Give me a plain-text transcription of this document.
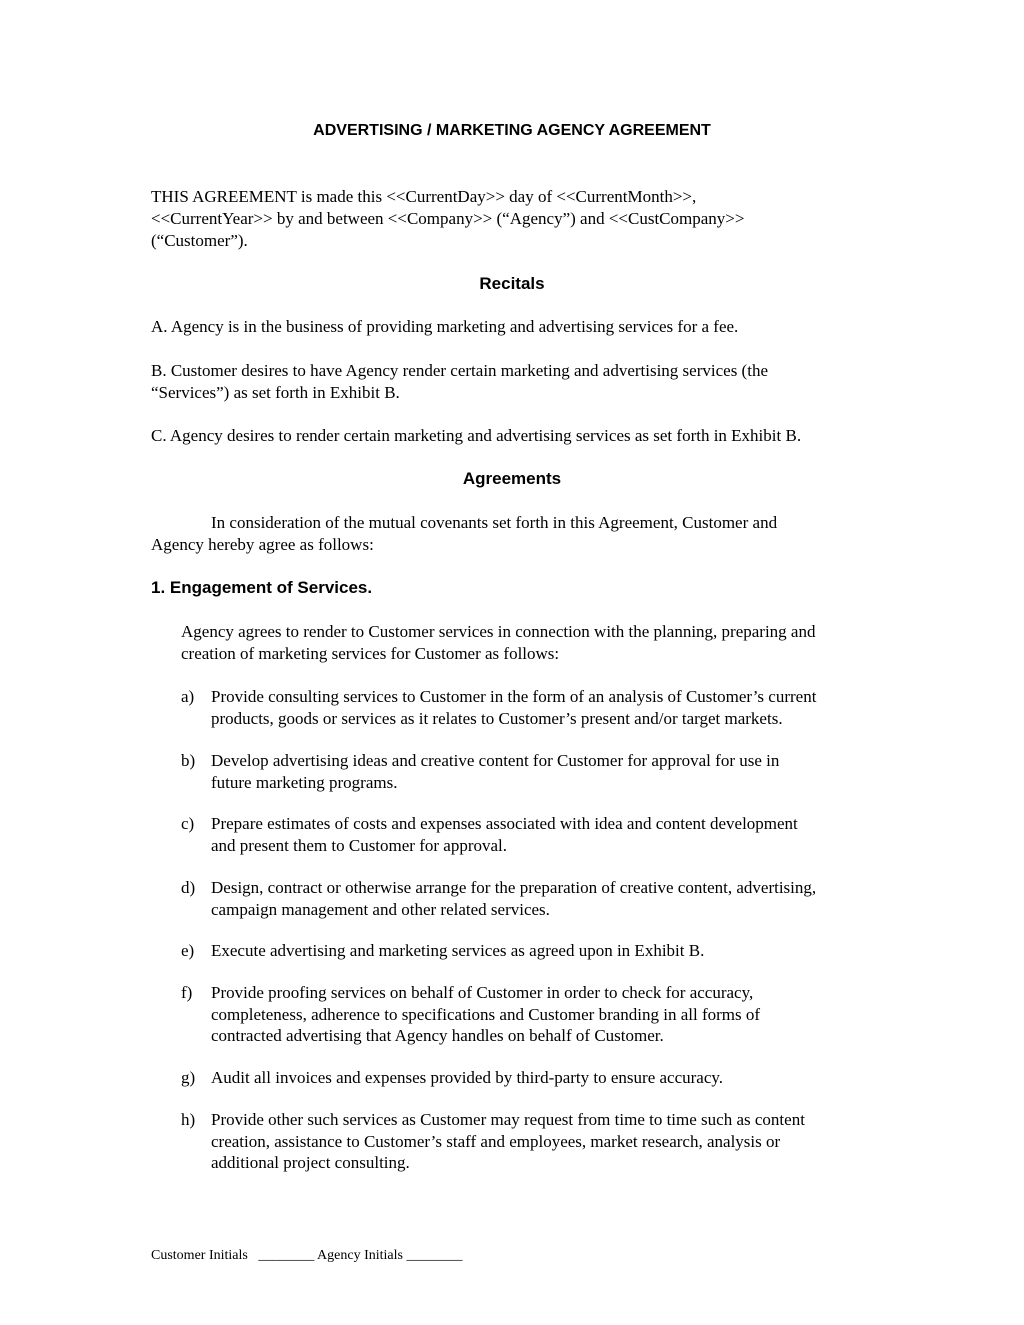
ADVERTISING / MARKETING AGENCY AGREEMENT
THIS AGREEMENT is made this <<CurrentDay>> day of <<CurrentMonth>>,
<<CurrentYear>> by and between <<Company>> (“Agency”) and <<CustCompany>>
(“Customer”).
Recitals
A. Agency is in the business of providing marketing and advertising services for a fee.
B. Customer desires to have Agency render certain marketing and advertising services (the
“Services”) as set forth in Exhibit B.
C. Agency desires to render certain marketing and advertising services as set forth in Exhibit B.
Agreements
In consideration of the mutual covenants set forth in this Agreement, Customer and
Agency hereby agree as follows:
1. Engagement of Services.
Agency agrees to render to Customer services in connection with the planning, preparing and
creation of marketing services for Customer as follows:
a) Provide consulting services to Customer in the form of an analysis of Customer’s current
products, goods or services as it relates to Customer’s present and/or target markets.
b) Develop advertising ideas and creative content for Customer for approval for use in
future marketing programs.
c) Prepare estimates of costs and expenses associated with idea and content development
and present them to Customer for approval.
d) Design, contract or otherwise arrange for the preparation of creative content, advertising,
campaign management and other related services.
e) Execute advertising and marketing services as agreed upon in Exhibit B.
f) Provide proofing services on behalf of Customer in order to check for accuracy,
completeness, adherence to specifications and Customer branding in all forms of
contracted advertising that Agency handles on behalf of Customer.
g) Audit all invoices and expenses provided by third-party to ensure accuracy.
h) Provide other such services as Customer may request from time to time such as content
creation, assistance to Customer’s staff and employees, market research, analysis or
additional project consulting.
Customer Initials   ________ Agency Initials ________
